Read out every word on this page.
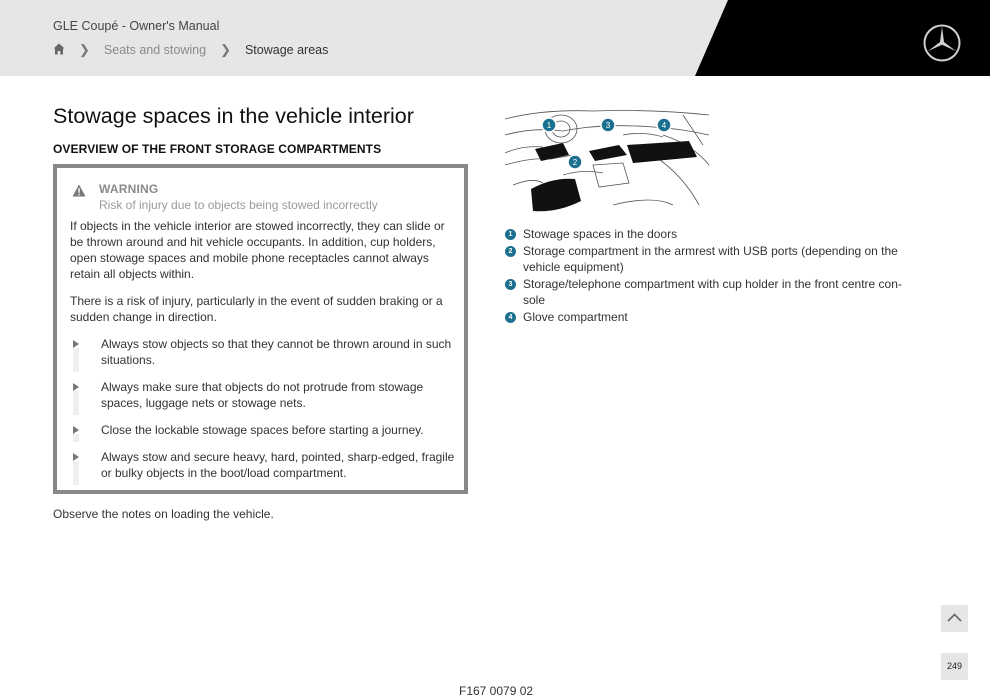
GLE Coupé - Owner's Manual
❯ Seats and stowing ❯ Stowage areas
Stowage spaces in the vehicle interior
OVERVIEW OF THE FRONT STORAGE COMPARTMENTS
WARNING
Risk of injury due to objects being stowed incorrectly

If objects in the vehicle interior are stowed incorrectly, they can slide or be thrown around and hit vehicle occupants. In addition, cup holders, open stowage spaces and mobile phone receptacles cannot always retain all objects within.

There is a risk of injury, particularly in the event of sudden braking or a sudden change in direction.

Always stow objects so that they cannot be thrown around in such situations.
Always make sure that objects do not protrude from stowage spaces, luggage nets or stowage nets.
Close the lockable stowage spaces before starting a journey.
Always stow and secure heavy, hard, pointed, sharp-edged, fragile or bulky objects in the boot/load compartment.
Observe the notes on loading the vehicle.
1	3	4
2
1 Stowage spaces in the doors
2 Storage compartment in the armrest with USB ports (depending on the vehicle equipment)
3 Storage/telephone compartment with cup holder in the front centre con-sole
4 Glove compartment
249
F167 0079 02
